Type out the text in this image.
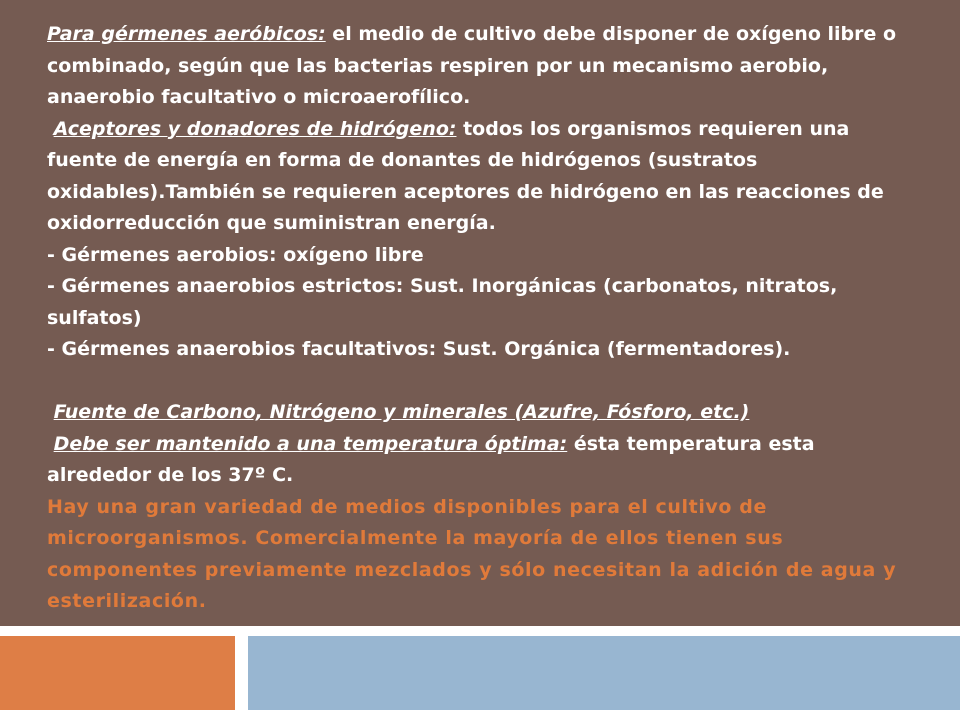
Para gérmenes aeróbicos: el medio de cultivo debe disponer de oxígeno libre o combinado, según que las bacterias respiren por un mecanismo aerobio, anaerobio facultativo o microaerofílico.

Aceptores y donadores de hidrógeno: todos los organismos requieren una fuente de energía en forma de donantes de hidrógenos (sustratos oxidables).También se requieren aceptores de hidrógeno en las reacciones de oxidorreducción que suministran energía.

- Gérmenes aerobios: oxígeno libre

- Gérmenes anaerobios estrictos: Sust. Inorgánicas (carbonatos, nitratos, sulfatos)

- Gérmenes anaerobios facultativos: Sust. Orgánica (fermentadores).

Fuente de Carbono, Nitrógeno y minerales (Azufre, Fósforo, etc.)

Debe ser mantenido a una temperatura óptima: ésta temperatura esta alrededor de los 37º C.

Hay una gran variedad de medios disponibles para el cultivo de microorganismos. Comercialmente la mayoría de ellos tienen sus componentes previamente mezclados y sólo necesitan la adición de agua y esterilización.
